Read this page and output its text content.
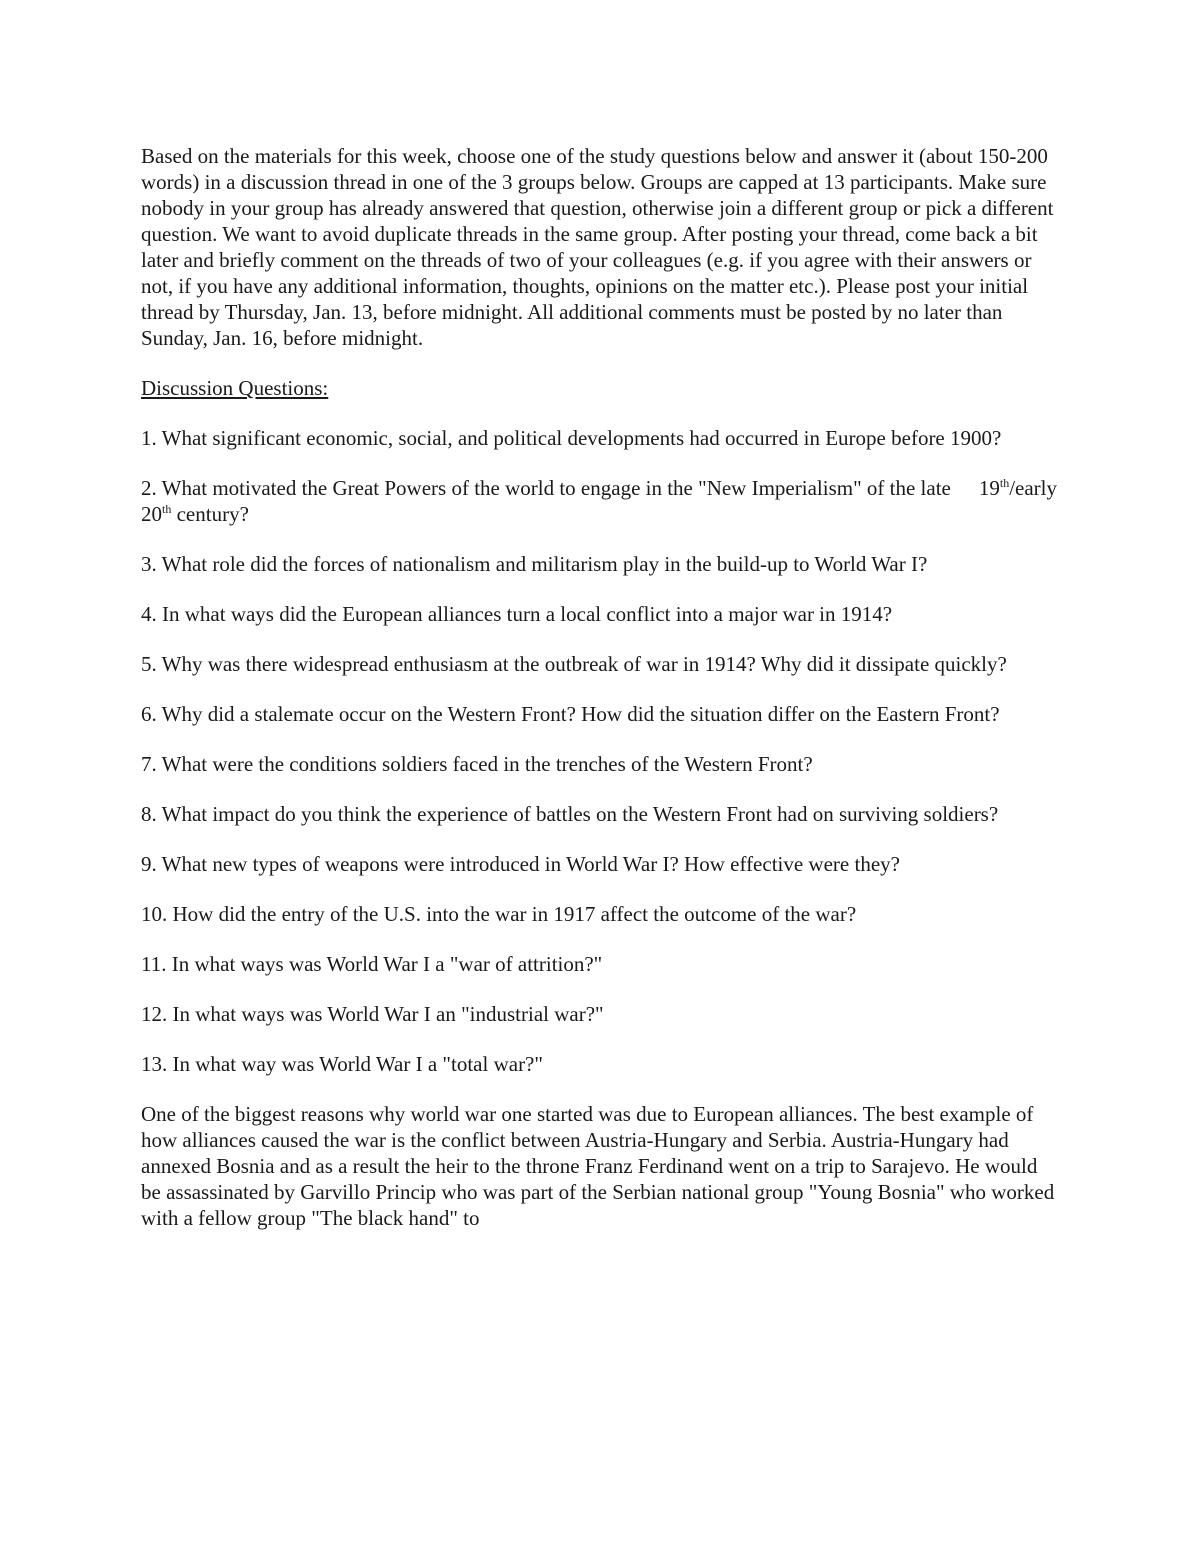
Based on the materials for this week, choose one of the study questions below and answer it (about 150-200 words) in a discussion thread in one of the 3 groups below. Groups are capped at 13 participants. Make sure nobody in your group has already answered that question, otherwise join a different group or pick a different question. We want to avoid duplicate threads in the same group. After posting your thread, come back a bit later and briefly comment on the threads of two of your colleagues (e.g. if you agree with their answers or not, if you have any additional information, thoughts, opinions on the matter etc.). Please post your initial thread by Thursday, Jan. 13, before midnight. All additional comments must be posted by no later than Sunday, Jan. 16, before midnight.

Discussion Questions:

1. What significant economic, social, and political developments had occurred in Europe before 1900?

2. What motivated the Great Powers of the world to engage in the "New Imperialism" of the late 19th/early 20th century?

3. What role did the forces of nationalism and militarism play in the build-up to World War I?

4. In what ways did the European alliances turn a local conflict into a major war in 1914?

5. Why was there widespread enthusiasm at the outbreak of war in 1914? Why did it dissipate quickly?

6. Why did a stalemate occur on the Western Front? How did the situation differ on the Eastern Front?

7. What were the conditions soldiers faced in the trenches of the Western Front?

8. What impact do you think the experience of battles on the Western Front had on surviving soldiers?

9. What new types of weapons were introduced in World War I? How effective were they?

10. How did the entry of the U.S. into the war in 1917 affect the outcome of the war?

11. In what ways was World War I a "war of attrition?"

12. In what ways was World War I an "industrial war?"

13. In what way was World War I a "total war?"

One of the biggest reasons why world war one started was due to European alliances. The best example of how alliances caused the war is the conflict between Austria-Hungary and Serbia. Austria-Hungary had annexed Bosnia and as a result the heir to the throne Franz Ferdinand went on a trip to Sarajevo. He would be assassinated by Garvillo Princip who was part of the Serbian national group "Young Bosnia" who worked with a fellow group "The black hand" to
